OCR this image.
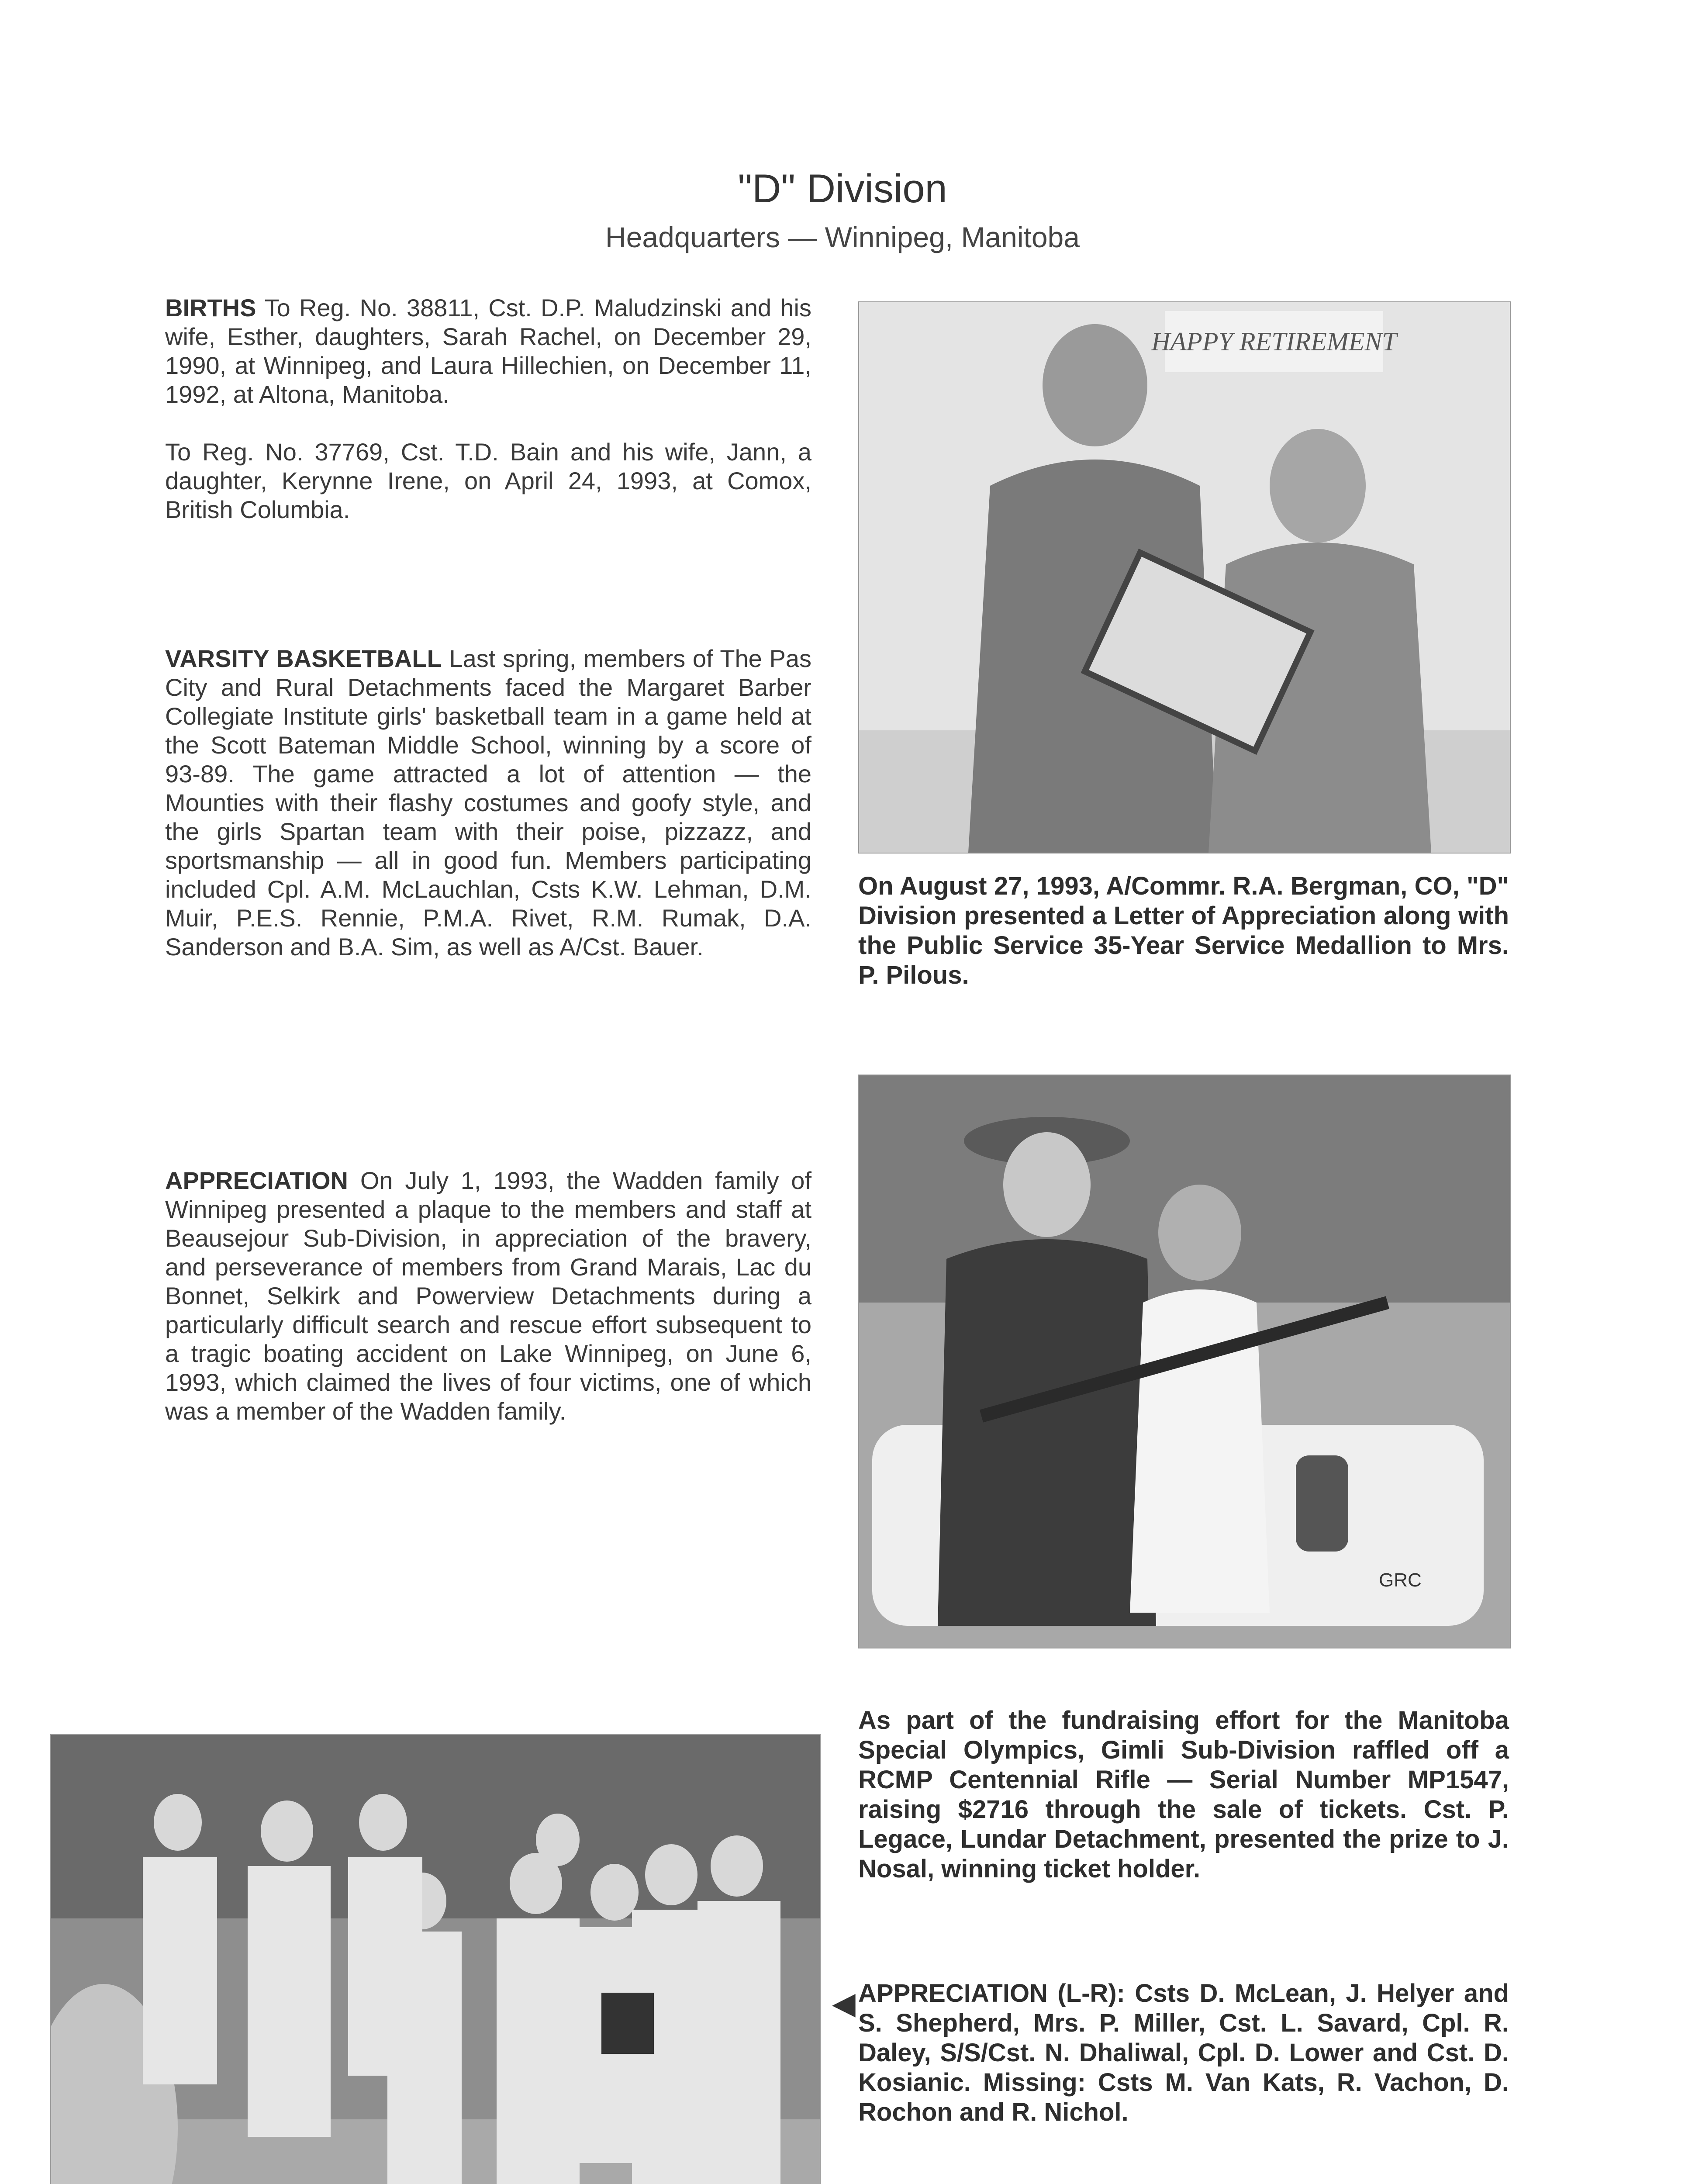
"D" Division
Headquarters — Winnipeg, Manitoba

BIRTHS To Reg. No. 38811, Cst. D.P. Maludzinski and his wife, Esther, daughters, Sarah Rachel, on December 29, 1990, at Winnipeg, and Laura Hillechien, on December 11, 1992, at Altona, Manitoba.

To Reg. No. 37769, Cst. T.D. Bain and his wife, Jann, a daughter, Kerynne Irene, on April 24, 1993, at Comox, British Columbia.

VARSITY BASKETBALL Last spring, members of The Pas City and Rural Detachments faced the Margaret Barber Collegiate Institute girls' basketball team in a game held at the Scott Bateman Middle School, winning by a score of 93-89. The game attracted a lot of attention — the Mounties with their flashy costumes and goofy style, and the girls Spartan team with their poise, pizzazz, and sportsmanship — all in good fun. Members participating included Cpl. A.M. McLauchlan, Csts K.W. Lehman, D.M. Muir, P.E.S. Rennie, P.M.A. Rivet, R.M. Rumak, D.A. Sanderson and B.A. Sim, as well as A/Cst. Bauer.

APPRECIATION On July 1, 1993, the Wadden family of Winnipeg presented a plaque to the members and staff at Beausejour Sub-Division, in appreciation of the bravery, and perseverance of members from Grand Marais, Lac du Bonnet, Selkirk and Powerview Detachments during a particularly difficult search and rescue effort subsequent to a tragic boating accident on Lake Winnipeg, on June 6, 1993, which claimed the lives of four victims, one of which was a member of the Wadden family.

HAPPY RETIREMENT

On August 27, 1993, A/Commr. R.A. Bergman, CO, "D" Division presented a Letter of Appreciation along with the Public Service 35-Year Service Medallion to Mrs. P. Pilous.

GRC

As part of the fundraising effort for the Manitoba Special Olympics, Gimli Sub-Division raffled off a RCMP Centennial Rifle — Serial Number MP1547, raising $2716 through the sale of tickets. Cst. P. Legace, Lundar Detachment, presented the prize to J. Nosal, winning ticket holder.

◀ APPRECIATION (L-R): Csts D. McLean, J. Helyer and S. Shepherd, Mrs. P. Miller, Cst. L. Savard, Cpl. R. Daley, S/S/Cst. N. Dhaliwal, Cpl. D. Lower and Cst. D. Kosianic. Missing: Csts M. Van Kats, R. Vachon, D. Rochon and R. Nichol.
